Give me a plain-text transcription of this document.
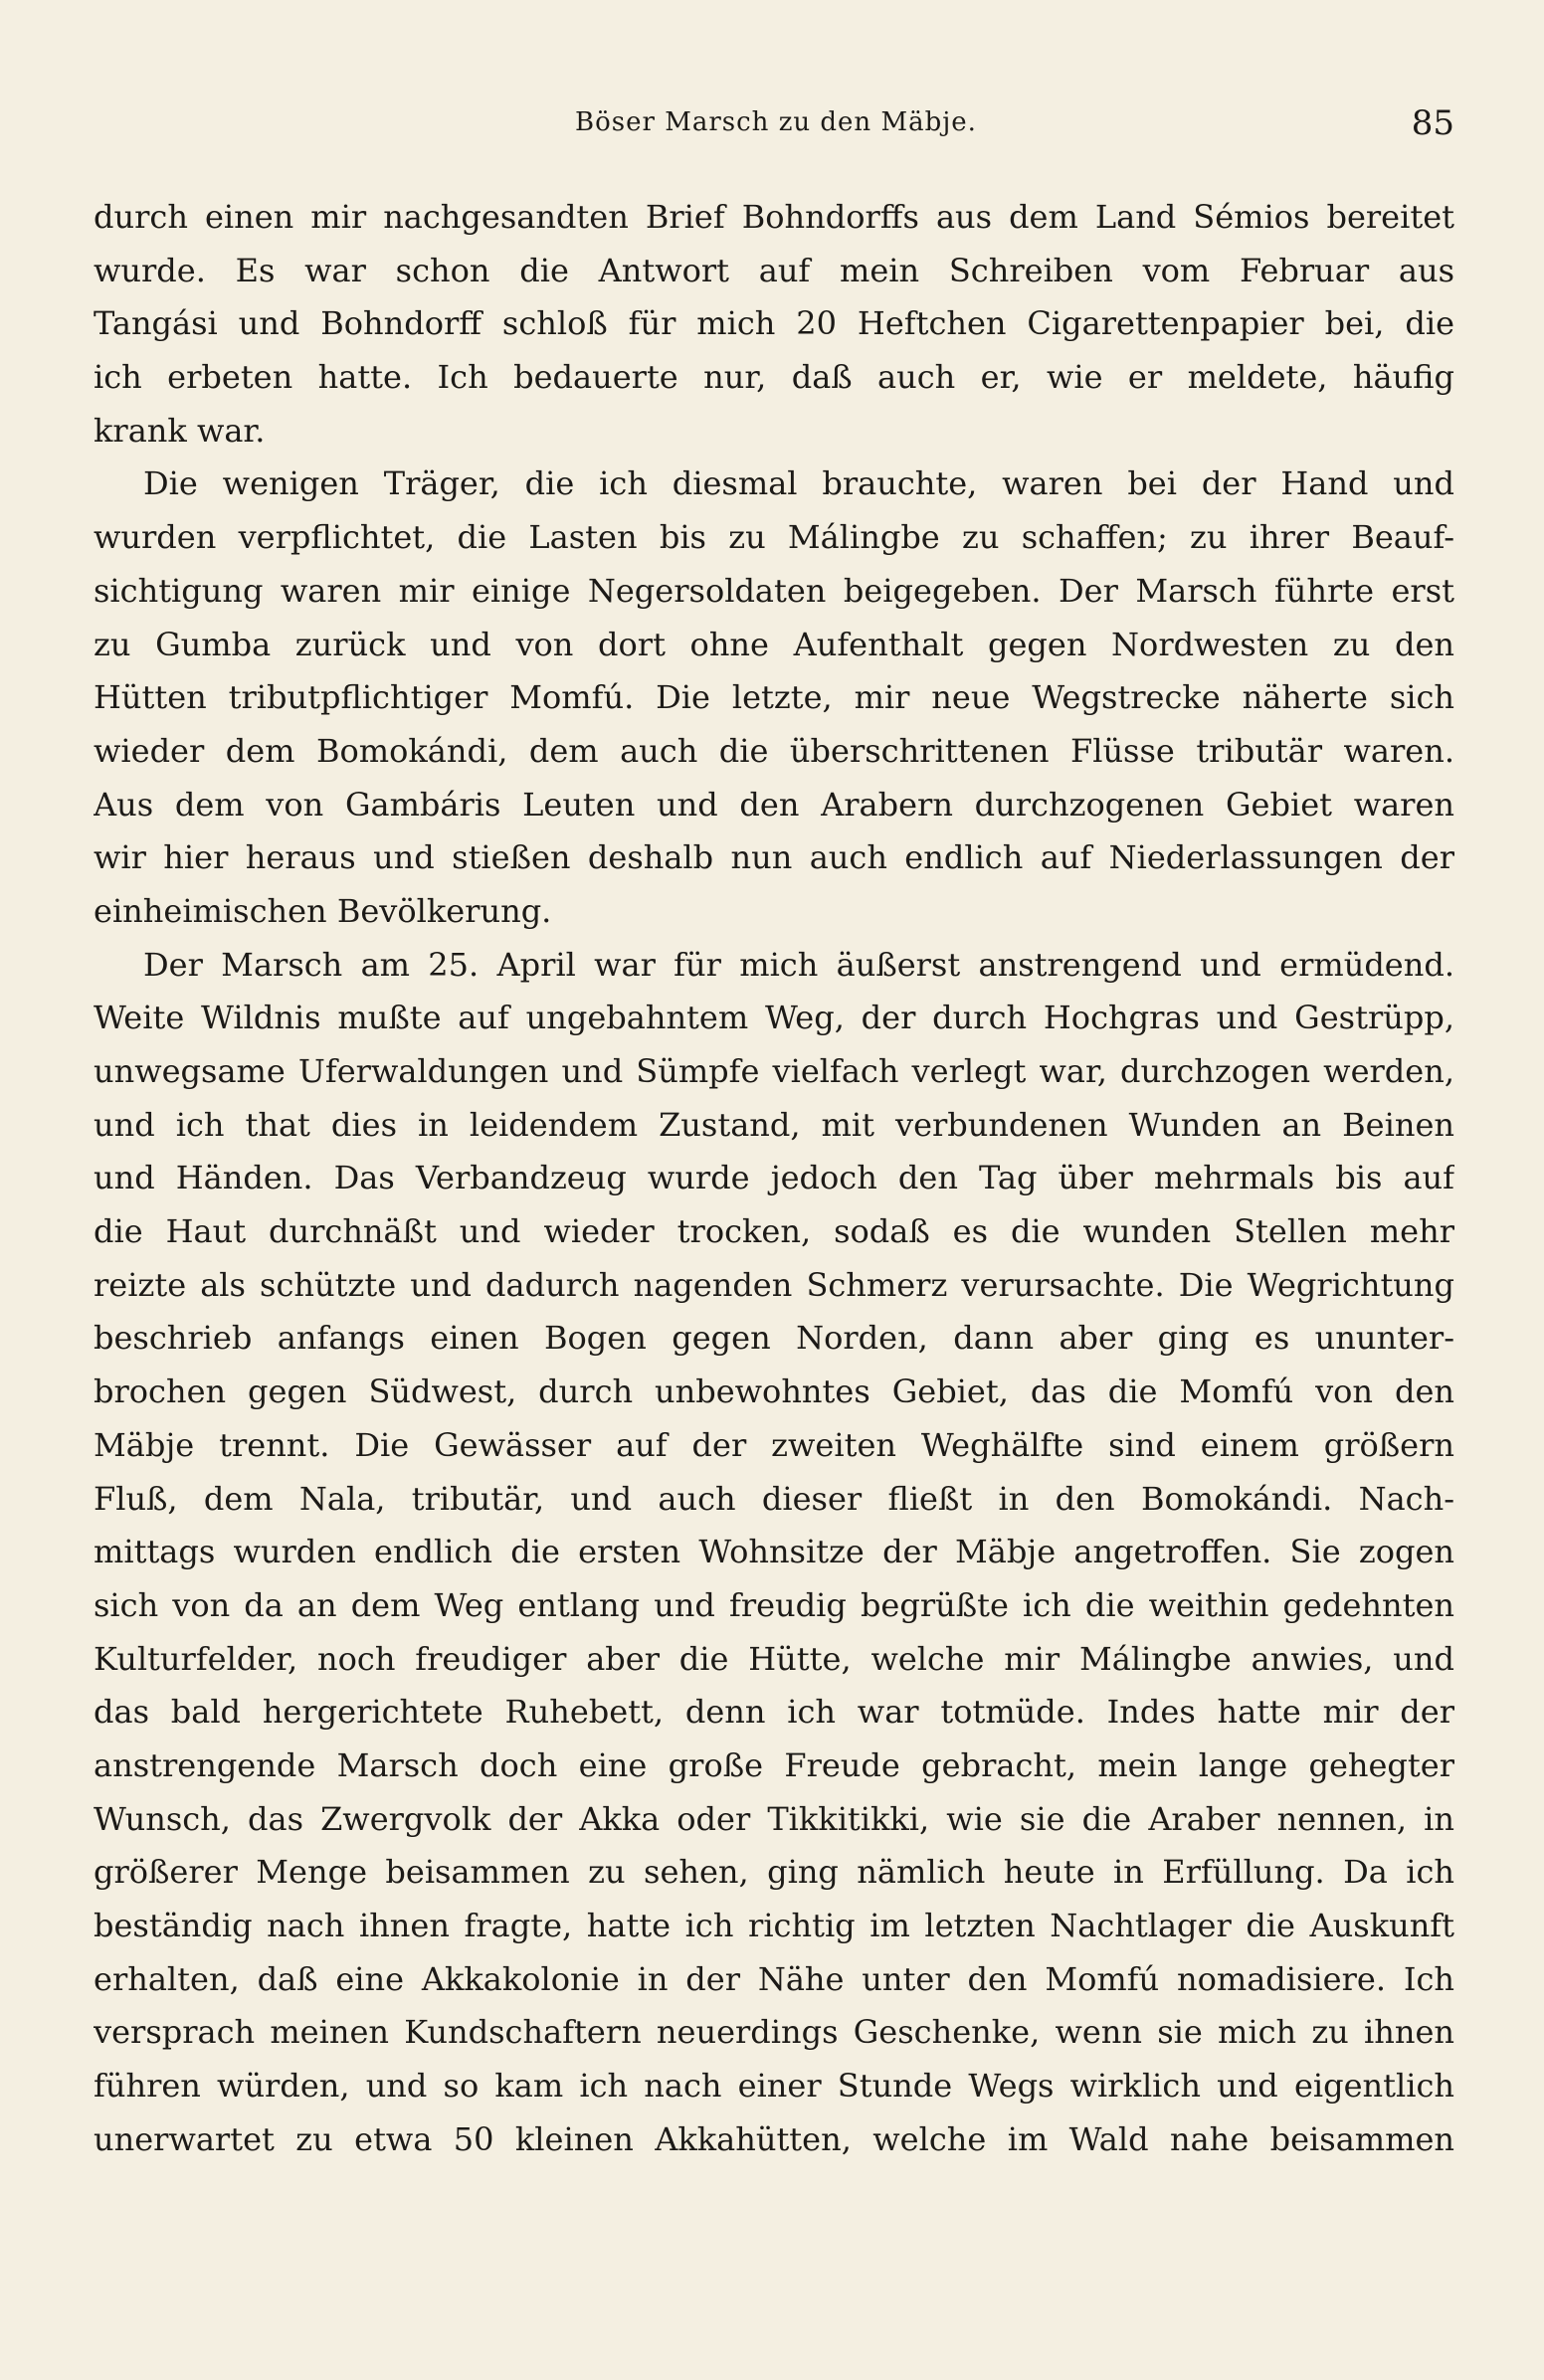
Böser Marsch zu den Mäbje.	85
durch einen mir nachgesandten Brief Bohndorffs aus dem Land Sémios bereitet
wurde. Es war schon die Antwort auf mein Schreiben vom Februar aus
Tangási und Bohndorff schloß für mich 20 Heftchen Cigarettenpapier bei, die
ich erbeten hatte. Ich bedauerte nur, daß auch er, wie er meldete, häufig
krank war.
Die wenigen Träger, die ich diesmal brauchte, waren bei der Hand und
wurden verpflichtet, die Lasten bis zu Málingbe zu schaffen; zu ihrer Beauf-
sichtigung waren mir einige Negersoldaten beigegeben. Der Marsch führte erst
zu Gumba zurück und von dort ohne Aufenthalt gegen Nordwesten zu den
Hütten tributpflichtiger Momfú. Die letzte, mir neue Wegstrecke näherte sich
wieder dem Bomokándi, dem auch die überschrittenen Flüsse tributär waren.
Aus dem von Gambáris Leuten und den Arabern durchzogenen Gebiet waren
wir hier heraus und stießen deshalb nun auch endlich auf Niederlassungen der
einheimischen Bevölkerung.
Der Marsch am 25. April war für mich äußerst anstrengend und ermüdend.
Weite Wildnis mußte auf ungebahntem Weg, der durch Hochgras und Gestrüpp,
unwegsame Uferwaldungen und Sümpfe vielfach verlegt war, durchzogen werden,
und ich that dies in leidendem Zustand, mit verbundenen Wunden an Beinen
und Händen. Das Verbandzeug wurde jedoch den Tag über mehrmals bis auf
die Haut durchnäßt und wieder trocken, sodaß es die wunden Stellen mehr
reizte als schützte und dadurch nagenden Schmerz verursachte. Die Wegrichtung
beschrieb anfangs einen Bogen gegen Norden, dann aber ging es ununter-
brochen gegen Südwest, durch unbewohntes Gebiet, das die Momfú von den
Mäbje trennt. Die Gewässer auf der zweiten Weghälfte sind einem größern
Fluß, dem Nala, tributär, und auch dieser fließt in den Bomokándi. Nach-
mittags wurden endlich die ersten Wohnsitze der Mäbje angetroffen. Sie zogen
sich von da an dem Weg entlang und freudig begrüßte ich die weithin gedehnten
Kulturfelder, noch freudiger aber die Hütte, welche mir Málingbe anwies, und
das bald hergerichtete Ruhebett, denn ich war totmüde. Indes hatte mir der
anstrengende Marsch doch eine große Freude gebracht, mein lange gehegter
Wunsch, das Zwergvolk der Akka oder Tikkitikki, wie sie die Araber nennen, in
größerer Menge beisammen zu sehen, ging nämlich heute in Erfüllung. Da ich
beständig nach ihnen fragte, hatte ich richtig im letzten Nachtlager die Auskunft
erhalten, daß eine Akkakolonie in der Nähe unter den Momfú nomadisiere. Ich
versprach meinen Kundschaftern neuerdings Geschenke, wenn sie mich zu ihnen
führen würden, und so kam ich nach einer Stunde Wegs wirklich und eigentlich
unerwartet zu etwa 50 kleinen Akkahütten, welche im Wald nahe beisammen
